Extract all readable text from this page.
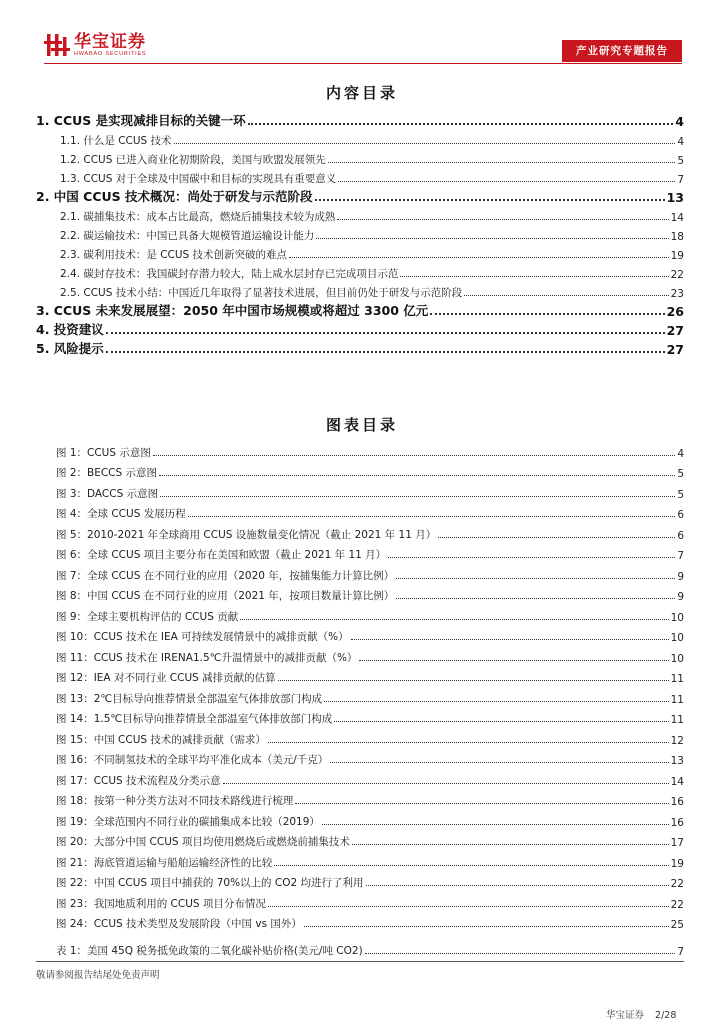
华宝证券
HWABAO SECURITIES	产业研究专题报告
内容目录
1. CCUS 是实现减排目标的关键一环	4
1.1. 什么是 CCUS 技术	4
1.2. CCUS 已进入商业化初期阶段，美国与欧盟发展领先	5
1.3. CCUS 对于全球及中国碳中和目标的实现具有重要意义	7
2. 中国 CCUS 技术概况：尚处于研发与示范阶段	13
2.1. 碳捕集技术：成本占比最高，燃烧后捕集技术较为成熟	14
2.2. 碳运输技术：中国已具备大规模管道运输设计能力	18
2.3. 碳利用技术：是 CCUS 技术创新突破的难点	19
2.4. 碳封存技术：我国碳封存潜力较大，陆上咸水层封存已完成项目示范	22
2.5. CCUS 技术小结：中国近几年取得了显著技术进展，但目前仍处于研发与示范阶段	23
3. CCUS 未来发展展望：2050 年中国市场规模或将超过 3300 亿元	26
4. 投资建议	27
5. 风险提示	27
图表目录
图 1：CCUS 示意图	4
图 2：BECCS 示意图	5
图 3：DACCS 示意图	5
图 4：全球 CCUS 发展历程	6
图 5：2010-2021 年全球商用 CCUS 设施数量变化情况（截止 2021 年 11 月）	6
图 6：全球 CCUS 项目主要分布在美国和欧盟（截止 2021 年 11 月）	7
图 7：全球 CCUS 在不同行业的应用（2020 年，按捕集能力计算比例）	9
图 8：中国 CCUS 在不同行业的应用（2021 年，按项目数量计算比例）	9
图 9：全球主要机构评估的 CCUS 贡献	10
图 10：CCUS 技术在 IEA 可持续发展情景中的减排贡献（%）	10
图 11：CCUS 技术在 IRENA1.5℃升温情景中的减排贡献（%）	10
图 12：IEA 对不同行业 CCUS 减排贡献的估算	11
图 13：2℃目标导向推荐情景全部温室气体排放部门构成	11
图 14：1.5℃目标导向推荐情景全部温室气体排放部门构成	11
图 15：中国 CCUS 技术的减排贡献（需求）	12
图 16：不同制氢技术的全球平均平准化成本（美元/千克）	13
图 17：CCUS 技术流程及分类示意	14
图 18：按第一种分类方法对不同技术路线进行梳理	16
图 19：全球范围内不同行业的碳捕集成本比较（2019）	16
图 20：大部分中国 CCUS 项目均使用燃烧后或燃烧前捕集技术	17
图 21：海底管道运输与船舶运输经济性的比较	19
图 22：中国 CCUS 项目中捕获的 70%以上的 CO2 均进行了利用	22
图 23：我国地质利用的 CCUS 项目分布情况	22
图 24：CCUS 技术类型及发展阶段（中国 vs 国外）	25
表 1：美国 45Q 税务抵免政策的二氧化碳补贴价格(美元/吨 CO2)	7
敬请参阅报告结尾处免责声明
华宝证券 2/28
